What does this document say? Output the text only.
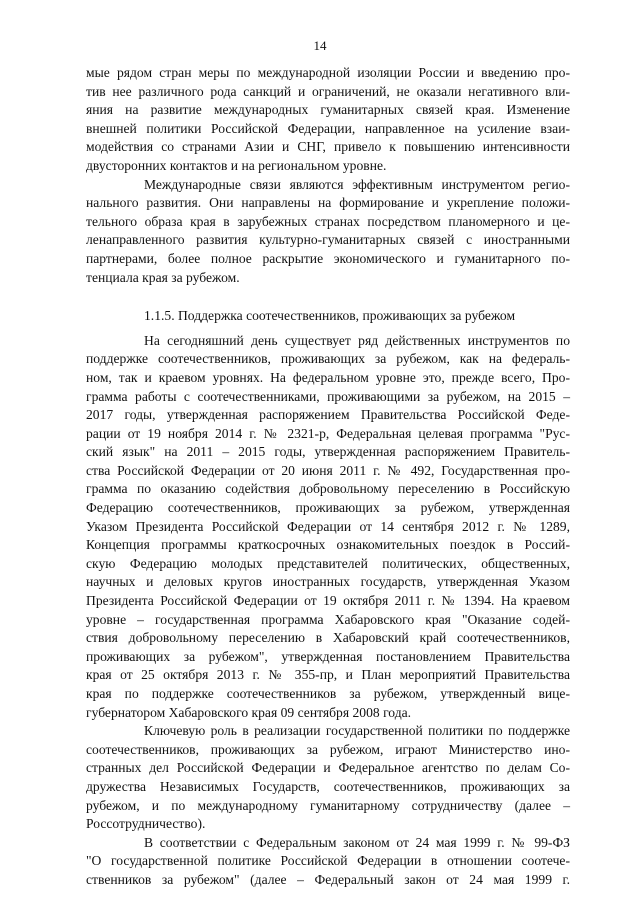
14
мые рядом стран меры по международной изоляции России и введению про-
тив нее различного рода санкций и ограничений, не оказали негативного вли-
яния на развитие международных гуманитарных связей края. Изменение
внешней политики Российской Федерации, направленное на усиление взаи-
модействия со странами Азии и СНГ, привело к повышению интенсивности
двусторонних контактов и на региональном уровне.
Международные связи являются эффективным инструментом регио-
нального развития. Они направлены на формирование и укрепление положи-
тельного образа края в зарубежных странах посредством планомерного и це-
ленаправленного развития культурно-гуманитарных связей с иностранными
партнерами, более полное раскрытие экономического и гуманитарного по-
тенциала края за рубежом.
1.1.5. Поддержка соотечественников, проживающих за рубежом
На сегодняшний день существует ряд действенных инструментов по
поддержке соотечественников, проживающих за рубежом, как на федераль-
ном, так и краевом уровнях. На федеральном уровне это, прежде всего, Про-
грамма работы с соотечественниками, проживающими за рубежом, на 2015 –
2017 годы, утвержденная распоряжением Правительства Российской Феде-
рации от 19 ноября 2014 г. № 2321-р, Федеральная целевая программа "Рус-
ский язык" на 2011 – 2015 годы, утвержденная распоряжением Правитель-
ства Российской Федерации от 20 июня 2011 г. № 492, Государственная про-
грамма по оказанию содействия добровольному переселению в Российскую
Федерацию соотечественников, проживающих за рубежом, утвержденная
Указом Президента Российской Федерации от 14 сентября 2012 г. № 1289,
Концепция программы краткосрочных ознакомительных поездок в Россий-
скую Федерацию молодых представителей политических, общественных,
научных и деловых кругов иностранных государств, утвержденная Указом
Президента Российской Федерации от 19 октября 2011 г. № 1394. На краевом
уровне – государственная программа Хабаровского края "Оказание содей-
ствия добровольному переселению в Хабаровский край соотечественников,
проживающих за рубежом", утвержденная постановлением Правительства
края от 25 октября 2013 г. № 355-пр, и План мероприятий Правительства
края по поддержке соотечественников за рубежом, утвержденный вице-
губернатором Хабаровского края 09 сентября 2008 года.
Ключевую роль в реализации государственной политики по поддержке
соотечественников, проживающих за рубежом, играют Министерство ино-
странных дел Российской Федерации и Федеральное агентство по делам Со-
дружества Независимых Государств, соотечественников, проживающих за
рубежом, и по международному гуманитарному сотрудничеству (далее –
Россотрудничество).
В соответствии с Федеральным законом от 24 мая 1999 г. № 99-ФЗ
"О государственной политике Российской Федерации в отношении соотече-
ственников за рубежом" (далее – Федеральный закон от 24 мая 1999 г.
